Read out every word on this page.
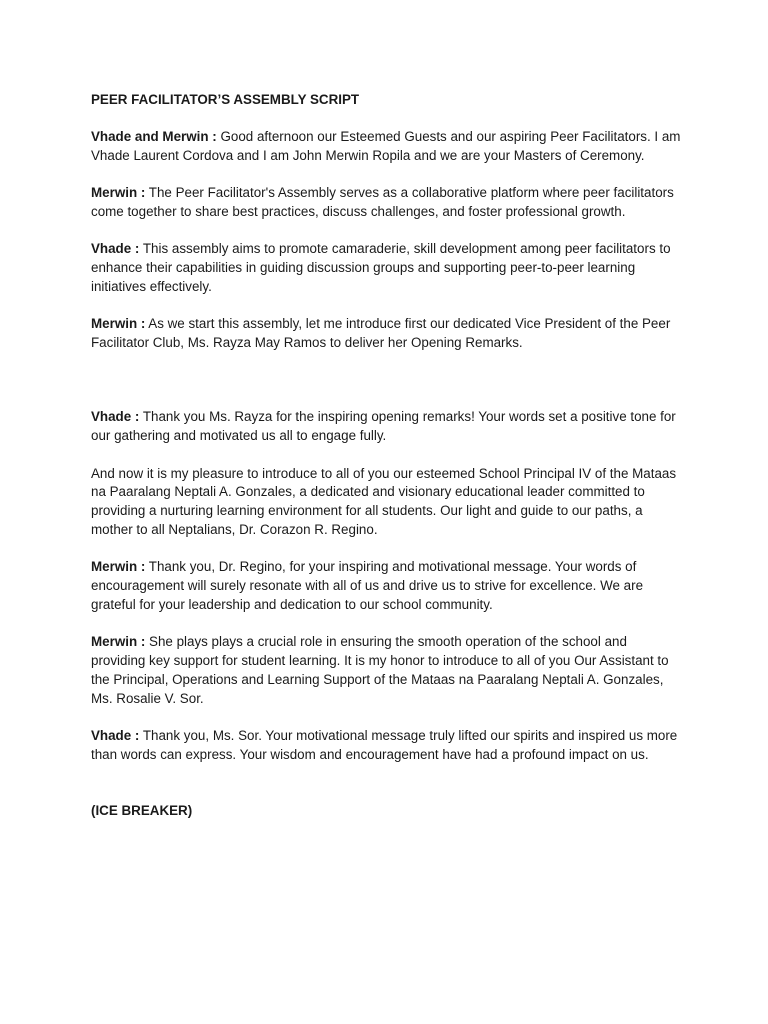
PEER FACILITATOR’S ASSEMBLY SCRIPT
Vhade and Merwin : Good afternoon our Esteemed Guests and our aspiring Peer Facilitators. I am Vhade Laurent Cordova and I am John Merwin Ropila and we are your Masters of Ceremony.
Merwin : The Peer Facilitator's Assembly serves as a collaborative platform where peer facilitators come together to share best practices, discuss challenges, and foster professional growth.
Vhade : This assembly aims to promote camaraderie, skill development among peer facilitators to enhance their capabilities in guiding discussion groups and supporting peer-to-peer learning initiatives effectively.
Merwin : As we start this assembly, let me introduce first our dedicated Vice President of the Peer Facilitator Club, Ms. Rayza May Ramos to deliver her Opening Remarks.
Vhade : Thank you Ms. Rayza for the inspiring opening remarks! Your words set a positive tone for our gathering and motivated us all to engage fully.
And now it is my pleasure to introduce to all of you our esteemed School Principal IV of the Mataas na Paaralang Neptali A. Gonzales, a dedicated and visionary educational leader committed to providing a nurturing learning environment for all students. Our light and guide to our paths, a mother to all Neptalians, Dr. Corazon R. Regino.
Merwin : Thank you, Dr. Regino, for your inspiring and motivational message. Your words of encouragement will surely resonate with all of us and drive us to strive for excellence. We are grateful for your leadership and dedication to our school community.
Merwin : She plays plays a crucial role in ensuring the smooth operation of the school and providing key support for student learning. It is my honor to introduce to all of you Our Assistant to the Principal, Operations and Learning Support of the Mataas na Paaralang Neptali A. Gonzales, Ms. Rosalie V. Sor.
Vhade : Thank you, Ms. Sor. Your motivational message truly lifted our spirits and inspired us more than words can express. Your wisdom and encouragement have had a profound impact on us.
(ICE BREAKER)
